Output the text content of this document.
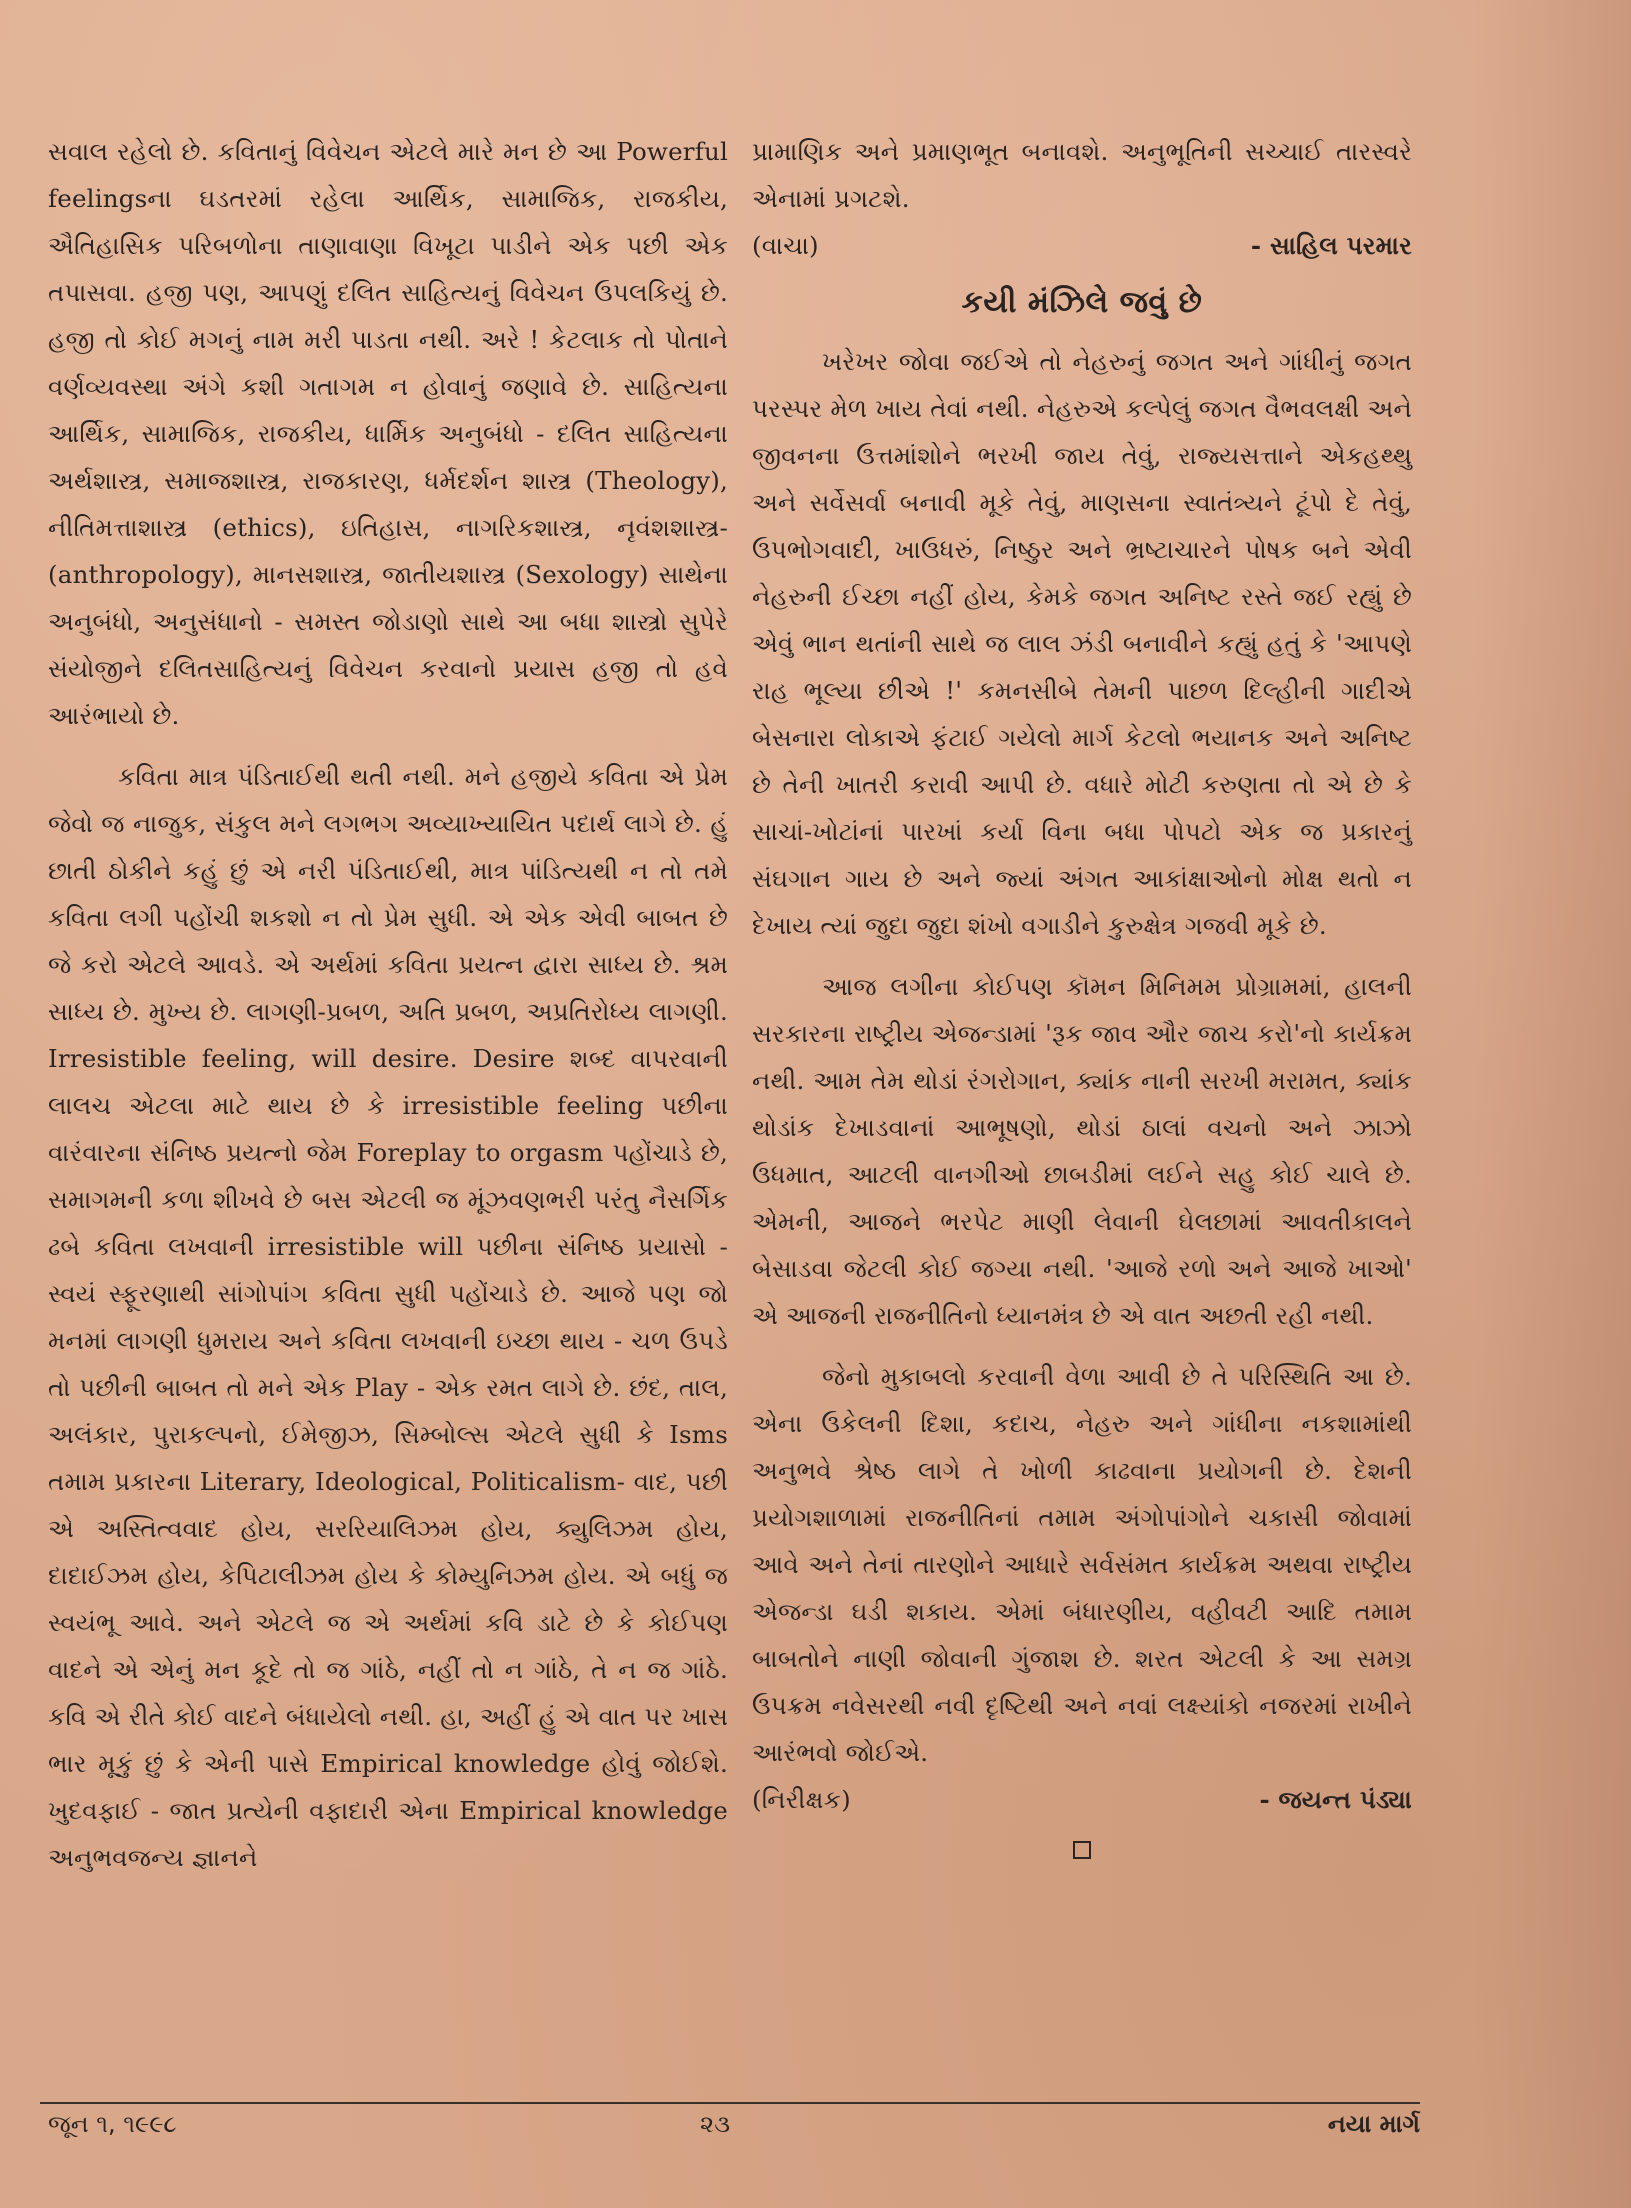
સવાલ રહેલો છે. કવિતાનું વિવેચન એટલે મારે મન છે આ Powerful feelingsના ઘડતરમાં રહેલા આર્થિક, સામાજિક, રાજકીય, ઐતિહાસિક પરિબળોના તાણાવાણા વિખૂટા પાડીને એક પછી એક તપાસવા. હજી પણ, આપણું દલિત સાહિત્યનું વિવેચન ઉપલકિયું છે. હજી તો કોઈ મગનું નામ મરી પાડતા નથી. અરે ! કેટલાક તો પોતાને વર્ણવ્યવસ્થા અંગે કશી ગતાગમ ન હોવાનું જણાવે છે. સાહિત્યના આર્થિક, સામાજિક, રાજકીય, ધાર્મિક અનુબંધો - દલિત સાહિત્યના અર્થશાસ્ત્ર, સમાજશાસ્ત્ર, રાજકારણ, ધર્મદર્શન શાસ્ત્ર (Theology), નીતિમત્તાશાસ્ત્ર (ethics), ઇતિહાસ, નાગરિકશાસ્ત્ર, નૃવંશશાસ્ત્ર-(anthropology), માનસશાસ્ત્ર, જાતીયશાસ્ત્ર (Sexology) સાથેના અનુબંધો, અનુસંધાનો - સમસ્ત જોડાણો સાથે આ બધા શાસ્ત્રો સુપેરે સંયોજીને દલિતસાહિત્યનું વિવેચન કરવાનો પ્રયાસ હજી તો હવે આરંભાયો છે.

કવિતા માત્ર પંડિતાઈથી થતી નથી. મને હજીયે કવિતા એ પ્રેમ જેવો જ નાજુક, સંકુલ મને લગભગ અવ્યાખ્યાયિત પદાર્થ લાગે છે. હું છાતી ઠોકીને કહું છું એ નરી પંડિતાઈથી, માત્ર પાંડિત્યથી ન તો તમે કવિતા લગી પહોંચી શકશો ન તો પ્રેમ સુધી. એ એક એવી બાબત છે જે કરો એટલે આવડે. એ અર્થમાં કવિતા પ્રયત્ન દ્વારા સાધ્ય છે. શ્રમ સાધ્ય છે. મુખ્ય છે. લાગણી-પ્રબળ, અતિ પ્રબળ, અપ્રતિરોધ્ય લાગણી. Irresistible feeling, will desire. Desire શબ્દ વાપરવાની લાલચ એટલા માટે થાય છે કે irresistible feeling પછીના વારંવારના સંનિષ્ઠ પ્રયત્નો જેમ Foreplay to orgasm પહોંચાડે છે, સમાગમની કળા શીખવે છે બસ એટલી જ મૂંઝવણભરી પરંતુ નૈસર્ગિક ઢબે કવિતા લખવાની irresistible will પછીના સંનિષ્ઠ પ્રયાસો - સ્વયં સ્ફૂરણાથી સાંગોપાંગ કવિતા સુધી પહોંચાડે છે. આજે પણ જો મનમાં લાગણી ધુમરાય અને કવિતા લખવાની ઇચ્છા થાય - ચળ ઉપડે તો પછીની બાબત તો મને એક Play - એક રમત લાગે છે. છંદ, તાલ, અલંકાર, પુરાકલ્પનો, ઈમેજીઝ, સિમ્બોલ્સ એટલે સુધી કે Isms તમામ પ્રકારના Literary, Ideological, Politicalism- વાદ, પછી એ અસ્તિત્વવાદ હોય, સરરિયાલિઝમ હોય, ક્યુલિઝમ હોય, દાદાઈઝમ હોય, કેપિટાલીઝમ હોય કે કોમ્યુનિઝમ હોય. એ બધું જ સ્વયંભૂ આવે. અને એટલે જ એ અર્થમાં કવિ ડાટે છે કે કોઈપણ વાદને એ એનું મન કૂદે તો જ ગાંઠે, નહીં તો ન ગાંઠે, તે ન જ ગાંઠે. કવિ એ રીતે કોઈ વાદને બંધાયેલો નથી. હા, અહીં હું એ વાત પર ખાસ ભાર મૂકું છું કે એની પાસે Empirical knowledge હોવું જોઈશે. ખુદવફાઈ - જાત પ્રત્યેની વફાદારી એના Empirical knowledge અનુભવજન્ય જ્ઞાનને

પ્રામાણિક અને પ્રમાણભૂત બનાવશે. અનુભૂતિની સચ્ચાઈ તારસ્વરે એનામાં પ્રગટશે.

(વાચા)	- સાહિલ પરમાર
કયી મંઝિલે જવું છે

ખરેખર જોવા જઈએ તો નેહરુનું જગત અને ગાંધીનું જગત પરસ્પર મેળ ખાય તેવાં નથી. નેહરુએ કલ્પેલું જગત વૈભવલક્ષી અને જીવનના ઉત્તમાંશોને ભરખી જાય તેવું, રાજ્યસત્તાને એકહથ્થુ અને સર્વેસર્વા બનાવી મૂકે તેવું, માણસના સ્વાતંત્ર્યને ટૂંપો દે તેવું, ઉપભોગવાદી, ખાઉધરું, નિષ્ઠુર અને ભ્રષ્ટાચારને પોષક બને એવી નેહરુની ઈચ્છા નહીં હોય, કેમકે જગત અનિષ્ટ રસ્તે જઈ રહ્યું છે એવું ભાન થતાંની સાથે જ લાલ ઝંડી બનાવીને કહ્યું હતું કે 'આપણે રાહ ભૂલ્યા છીએ !' કમનસીબે તેમની પાછળ દિલ્હીની ગાદીએ બેસનારા લોકાએ ફંટાઈ ગયેલો માર્ગ કેટલો ભયાનક અને અનિષ્ટ છે તેની ખાતરી કરાવી આપી છે. વધારે મોટી કરુણતા તો એ છે કે સાચાં-ખોટાંનાં પારખાં કર્યા વિના બધા પોપટો એક જ પ્રકારનું સંઘગાન ગાય છે અને જ્યાં અંગત આકાંક્ષાઓનો મોક્ષ થતો ન દેખાય ત્યાં જુદા જુદા શંખો વગાડીને કુરુક્ષેત્ર ગજવી મૂકે છે.

આજ લગીના કોઈપણ કૉમન મિનિમમ પ્રોગ્રામમાં, હાલની સરકારના રાષ્ટ્રીય એજન્ડામાં 'રૂક જાવ ઔર જાચ કરો'નો કાર્યક્રમ નથી. આમ તેમ થોડાં રંગરોગાન, ક્યાંક નાની સરખી મરામત, ક્યાંક થોડાંક દેખાડવાનાં આભૂષણો, થોડાં ઠાલાં વચનો અને ઝાઝો ઉધમાત, આટલી વાનગીઓ છાબડીમાં લઈને સહુ કોઈ ચાલે છે. એમની, આજને ભરપેટ માણી લેવાની ઘેલછામાં આવતીકાલને બેસાડવા જેટલી કોઈ જગ્યા નથી. 'આજે રળો અને આજે ખાઓ' એ આજની રાજનીતિનો ધ્યાનમંત્ર છે એ વાત અછતી રહી નથી.

જેનો મુકાબલો કરવાની વેળા આવી છે તે પરિસ્થિતિ આ છે. એના ઉકેલની દિશા, કદાચ, નેહરુ અને ગાંધીના નકશામાંથી અનુભવે શ્રેષ્ઠ લાગે તે ખોળી કાઢવાના પ્રયોગની છે. દેશની પ્રયોગશાળામાં રાજનીતિનાં તમામ અંગોપાંગોને ચકાસી જોવામાં આવે અને તેનાં તારણોને આધારે સર્વસંમત કાર્યક્રમ અથવા રાષ્ટ્રીય એજન્ડા ઘડી શકાય. એમાં બંધારણીય, વહીવટી આદિ તમામ બાબતોને નાણી જોવાની ગુંજાશ છે. શરત એટલી કે આ સમગ્ર ઉપક્રમ નવેસરથી નવી દૃષ્ટિથી અને નવાં લક્ષ્યાંકો નજરમાં રાખીને આરંભવો જોઈએ.

(નિરીક્ષક)	- જયન્ત પંડ્યા
જૂન ૧, ૧૯૯૮	૨૩	નયા માર્ગ
